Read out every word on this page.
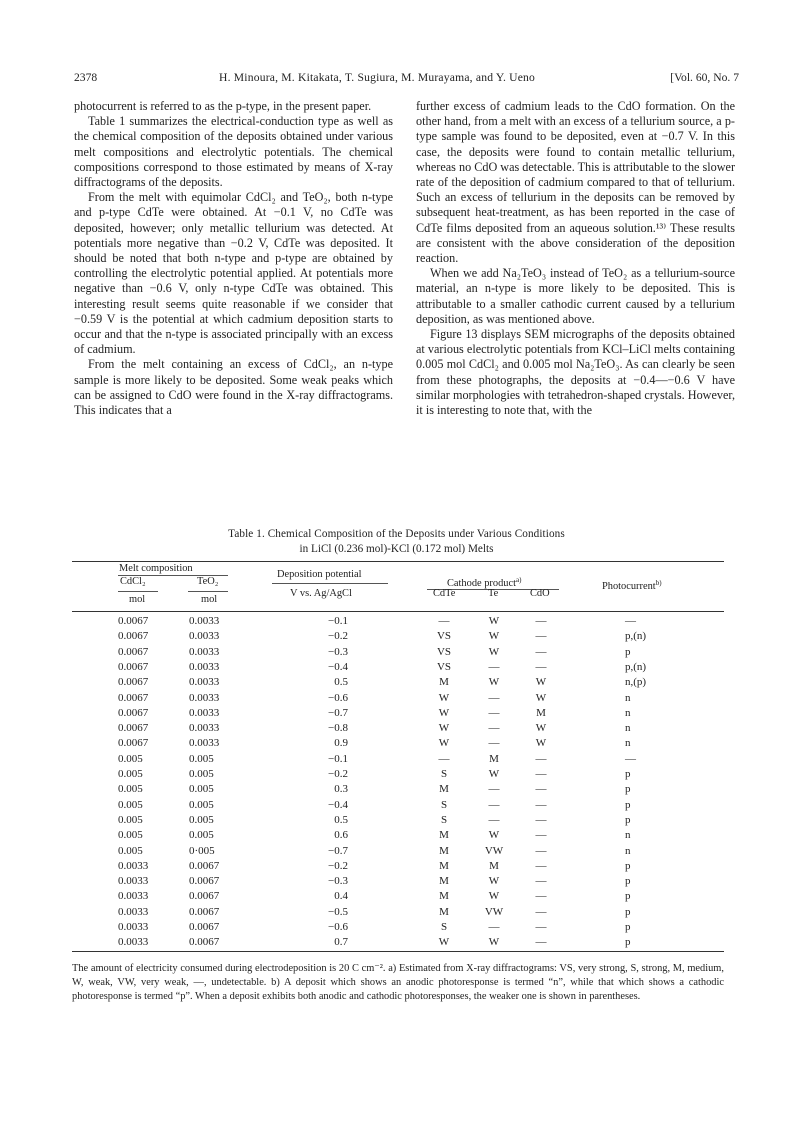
2378	H. Minoura, M. Kitakata, T. Sugiura, M. Murayama, and Y. Ueno	[Vol. 60, No. 7

photocurrent is referred to as the p-type, in the present paper.

Table 1 summarizes the electrical-conduction type as well as the chemical composition of the deposits obtained under various melt compositions and electrolytic potentials. The chemical compositions correspond to those estimated by means of X-ray diffractograms of the deposits.

From the melt with equimolar CdCl₂ and TeO₂, both n-type and p-type CdTe were obtained. At −0.1 V, no CdTe was deposited, however; only metallic tellurium was detected. At potentials more negative than −0.2 V, CdTe was deposited. It should be noted that both n-type and p-type are obtained by controlling the electrolytic potential applied. At potentials more negative than −0.6 V, only n-type CdTe was obtained. This interesting result seems quite reasonable if we consider that −0.59 V is the potential at which cadmium deposition starts to occur and that the n-type is associated principally with an excess of cadmium.

From the melt containing an excess of CdCl₂, an n-type sample is more likely to be deposited. Some weak peaks which can be assigned to CdO were found in the X-ray diffractograms. This indicates that a

further excess of cadmium leads to the CdO formation. On the other hand, from a melt with an excess of a tellurium source, a p-type sample was found to be deposited, even at −0.7 V. In this case, the deposits were found to contain metallic tellurium, whereas no CdO was detectable. This is attributable to the slower rate of the deposition of cadmium compared to that of tellurium. Such an excess of tellurium in the deposits can be removed by subsequent heat-treatment, as has been reported in the case of CdTe films deposited from an aqueous solution.¹³⁾ These results are consistent with the above consideration of the deposition reaction.

When we add Na₂TeO₃ instead of TeO₂ as a tellurium-source material, an n-type is more likely to be deposited. This is attributable to a smaller cathodic current caused by a tellurium deposition, as was mentioned above.

Figure 13 displays SEM micrographs of the deposits obtained at various electrolytic potentials from KCl–LiCl melts containing 0.005 mol CdCl₂ and 0.005 mol Na₂TeO₃. As can clearly be seen from these photographs, the deposits at −0.4—−0.6 V have similar morphologies with tetrahedron-shaped crystals. However, it is interesting to note that, with the

Table 1. Chemical Composition of the Deposits under Various Conditions
in LiCl (0.236 mol)-KCl (0.172 mol) Melts
Melt composition
CdCl₂	TeO₂
mol	mol
Deposition potential
V vs. Ag/AgCl
Cathode product$^{a)}$
CdTe	Te	CdO
Photocurrent$^{b)}$
0.0067	0.0033	−0.1	—	W	—	—
0.0067	0.0033	−0.2	VS	W	—	p,(n)
0.0067	0.0033	−0.3	VS	W	—	p
0.0067	0.0033	−0.4	VS	—	—	p,(n)
0.0067	0.0033	0.5	M	W	W	n,(p)
0.0067	0.0033	−0.6	W	—	W	n
0.0067	0.0033	−0.7	W	—	M	n
0.0067	0.0033	−0.8	W	—	W	n
0.0067	0.0033	0.9	W	—	W	n
0.005	0.005	−0.1	—	M	—	—
0.005	0.005	−0.2	S	W	—	p
0.005	0.005	0.3	M	—	—	p
0.005	0.005	−0.4	S	—	—	p
0.005	0.005	0.5	S	—	—	p
0.005	0.005	0.6	M	W	—	n
0.005	0·005	−0.7	M	VW	—	n
0.0033	0.0067	−0.2	M	M	—	p
0.0033	0.0067	−0.3	M	W	—	p
0.0033	0.0067	0.4	M	W	—	p
0.0033	0.0067	−0.5	M	VW	—	p
0.0033	0.0067	−0.6	S	—	—	p
0.0033	0.0067	0.7	W	W	—	p
The amount of electricity consumed during electrodeposition is 20 C cm⁻². a) Estimated from X-ray diffractograms: VS, very strong, S, strong, M, medium, W, weak, VW, very weak, —, undetectable. b) A deposit which shows an anodic photoresponse is termed “n”, while that which shows a cathodic photoresponse is termed “p”. When a deposit exhibits both anodic and cathodic photoresponses, the weaker one is shown in parentheses.
